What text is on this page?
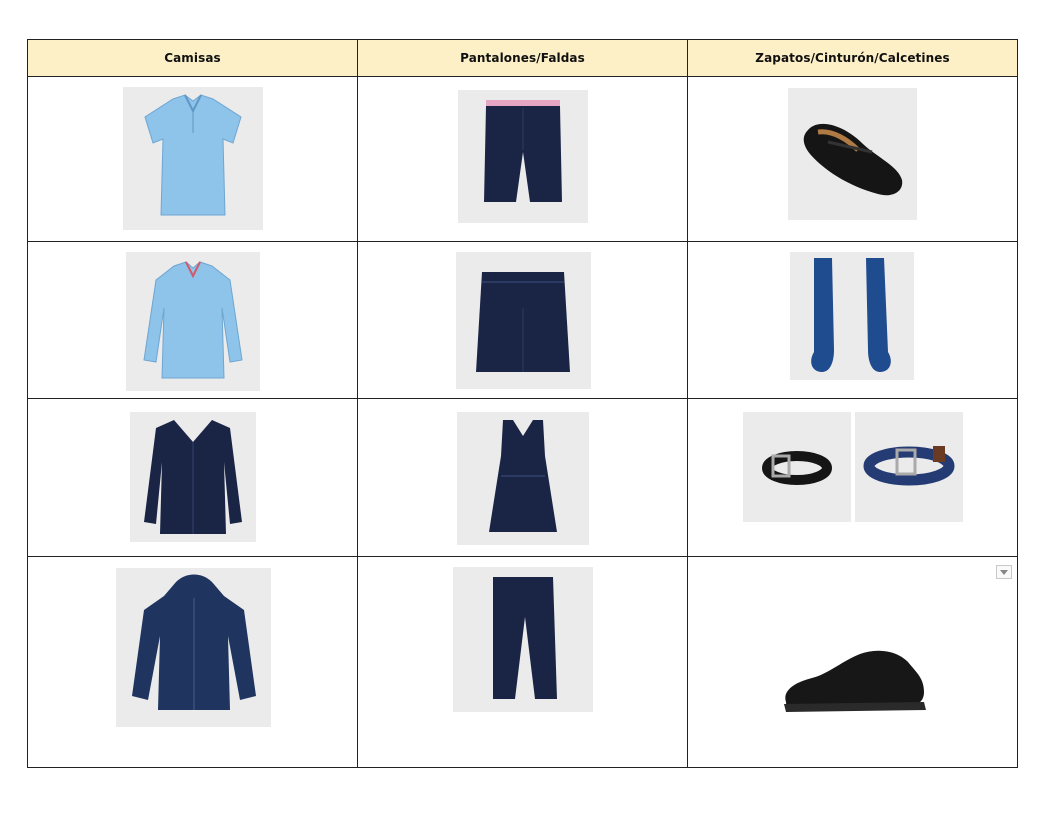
Camisas	Pantalones/Faldas	Zapatos/Cinturón/Calcetines
